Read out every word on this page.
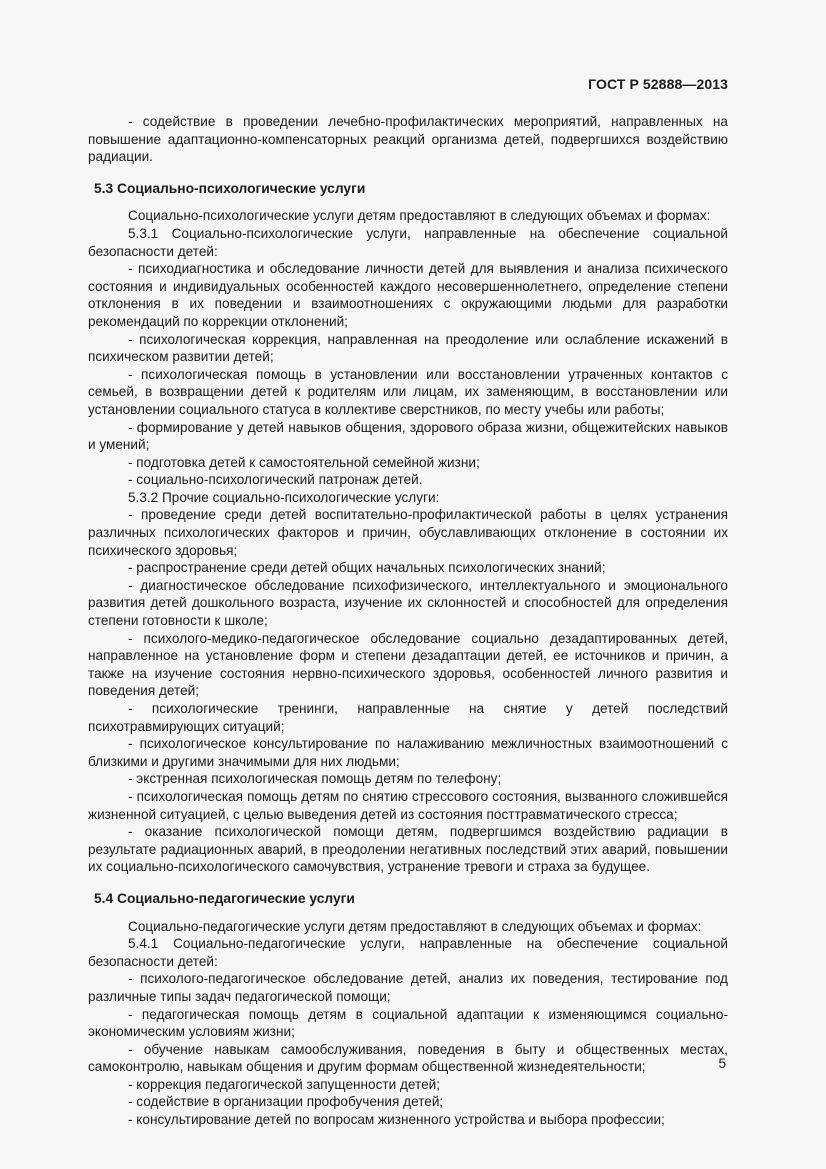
ГОСТ Р 52888—2013

- содействие в проведении лечебно-профилактических мероприятий, направленных на повышение адаптационно-компенсаторных реакций организма детей, подвергшихся воздействию радиации.

5.3 Социально-психологические услуги

Социально-психологические услуги детям предоставляют в следующих объемах и формах:

5.3.1 Социально-психологические услуги, направленные на обеспечение социальной безопасности детей:

- психодиагностика и обследование личности детей для выявления и анализа психического состояния и индивидуальных особенностей каждого несовершеннолетнего, определение степени отклонения в их поведении и взаимоотношениях с окружающими людьми для разработки рекомендаций по коррекции отклонений;

- психологическая коррекция, направленная на преодоление или ослабление искажений в психическом развитии детей;

- психологическая помощь в установлении или восстановлении утраченных контактов с семьей, в возвращении детей к родителям или лицам, их заменяющим, в восстановлении или установлении социального статуса в коллективе сверстников, по месту учебы или работы;

- формирование у детей навыков общения, здорового образа жизни, общежитейских навыков и умений;

- подготовка детей к самостоятельной семейной жизни;

- социально-психологический патронаж детей.

5.3.2 Прочие социально-психологические услуги:

- проведение среди детей воспитательно-профилактической работы в целях устранения различных психологических факторов и причин, обуславливающих отклонение в состоянии их психического здоровья;

- распространение среди детей общих начальных психологических знаний;

- диагностическое обследование психофизического, интеллектуального и эмоционального развития детей дошкольного возраста, изучение их склонностей и способностей для определения степени готовности к школе;

- психолого-медико-педагогическое обследование социально дезадаптированных детей, направленное на установление форм и степени дезадаптации детей, ее источников и причин, а также на изучение состояния нервно-психического здоровья, особенностей личного развития и поведения детей;

- психологические тренинги, направленные на снятие у детей последствий психотравмирующих ситуаций;

- психологическое консультирование по налаживанию межличностных взаимоотношений с близкими и другими значимыми для них людьми;

- экстренная психологическая помощь детям по телефону;

- психологическая помощь детям по снятию стрессового состояния, вызванного сложившейся жизненной ситуацией, с целью выведения детей из состояния посттравматического стресса;

- оказание психологической помощи детям, подвергшимся воздействию радиации в результате радиационных аварий, в преодолении негативных последствий этих аварий, повышении их социально-психологического самочувствия, устранение тревоги и страха за будущее.

5.4 Социально-педагогические услуги

Социально-педагогические услуги детям предоставляют в следующих объемах и формах:

5.4.1 Социально-педагогические услуги, направленные на обеспечение социальной безопасности детей:

- психолого-педагогическое обследование детей, анализ их поведения, тестирование под различные типы задач педагогической помощи;

- педагогическая помощь детям в социальной адаптации к изменяющимся социально-экономическим условиям жизни;

- обучение навыкам самообслуживания, поведения в быту и общественных местах, самоконтролю, навыкам общения и другим формам общественной жизнедеятельности;

- коррекция педагогической запущенности детей;

- содействие в организации профобучения детей;

- консультирование детей по вопросам жизненного устройства и выбора профессии;

5
